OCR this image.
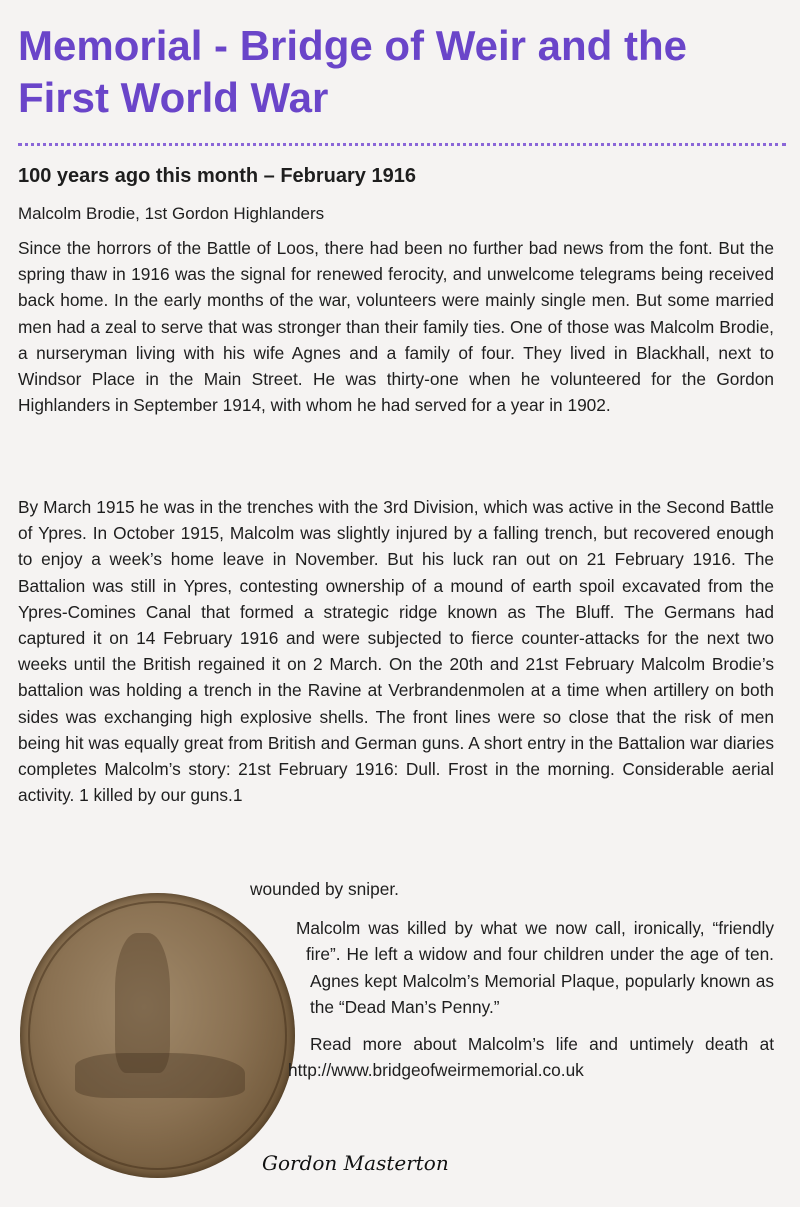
Memorial - Bridge of Weir and the First World War
100 years ago this month – February 1916

Malcolm Brodie, 1st Gordon Highlanders

Since the horrors of the Battle of Loos, there had been no further bad news from the font. But the spring thaw in 1916 was the signal for renewed ferocity, and unwelcome telegrams being received back home. In the early months of the war, volunteers were mainly single men. But some married men had a zeal to serve that was stronger than their family ties. One of those was Malcolm Brodie, a nurseryman living with his wife Agnes and a family of four. They lived in Blackhall, next to Windsor Place in the Main Street. He was thirty-one when he volunteered for the Gordon Highlanders in September 1914, with whom he had served for a year in 1902.

By March 1915 he was in the trenches with the 3rd Division, which was active in the Second Battle of Ypres. In October 1915, Malcolm was slightly injured by a falling trench, but recovered enough to enjoy a week’s home leave in November. But his luck ran out on 21 February 1916. The Battalion was still in Ypres, contesting ownership of a mound of earth spoil excavated from the Ypres-Comines Canal that formed a strategic ridge known as The Bluff. The Germans had captured it on 14 February 1916 and were subjected to fierce counter-attacks for the next two weeks until the British regained it on 2 March. On the 20th and 21st February Malcolm Brodie’s battalion was holding a trench in the Ravine at Verbrandenmolen at a time when artillery on both sides was exchanging high explosive shells. The front lines were so close that the risk of men being hit was equally great from British and German guns. A short entry in the Battalion war diaries completes Malcolm’s story: 21st February 1916: Dull. Frost in the morning. Considerable aerial activity. 1 killed by our guns.1

wounded by sniper.

Malcolm was killed by what we now call, ironically, “friendly fire”. He left a widow and four children under the age of ten. Agnes kept Malcolm’s Memorial Plaque, popularly known as the “Dead Man’s Penny.”

Read more about Malcolm’s life and untimely death at http://www.bridgeofweirmemorial.co.uk

Gordon Masterton
